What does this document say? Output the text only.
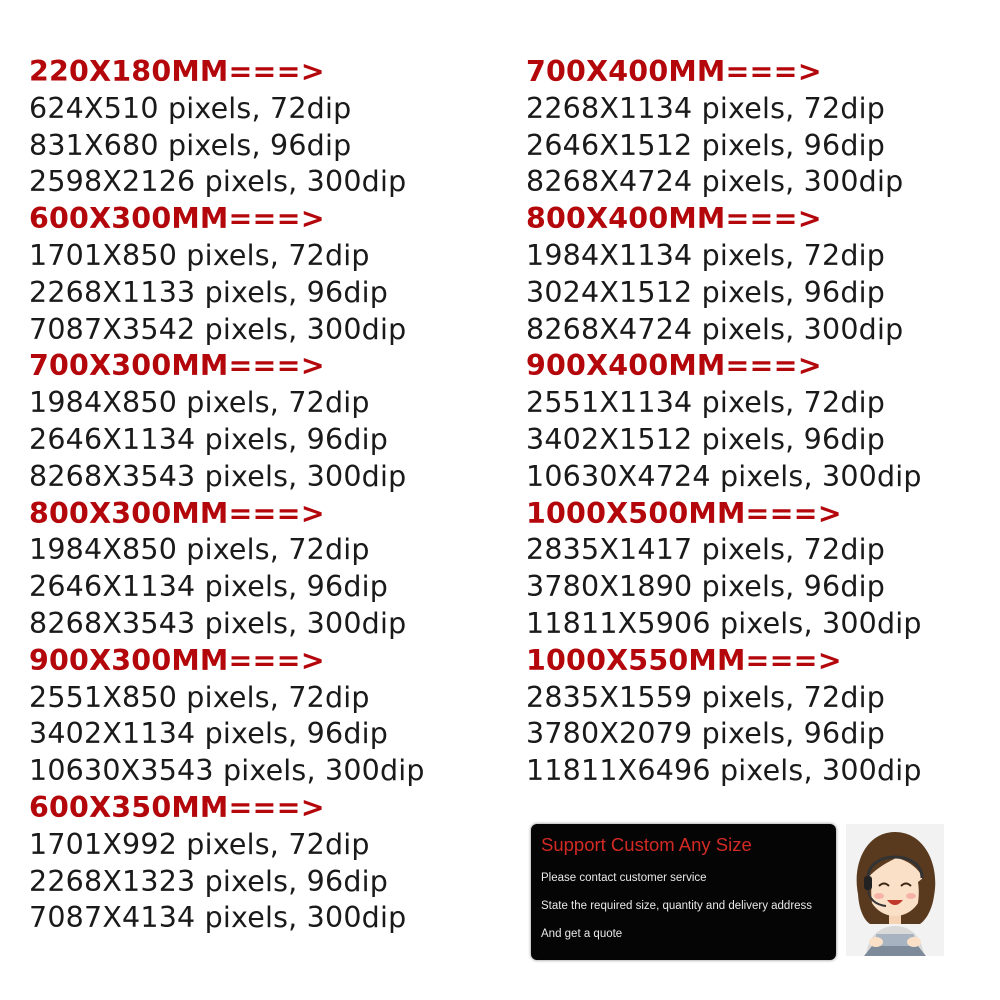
220X180MM===>
624X510 pixels, 72dip
831X680 pixels, 96dip
2598X2126 pixels, 300dip
600X300MM===>
1701X850 pixels, 72dip
2268X1133 pixels, 96dip
7087X3542 pixels, 300dip
700X300MM===>
1984X850 pixels, 72dip
2646X1134 pixels, 96dip
8268X3543 pixels, 300dip
800X300MM===>
1984X850 pixels, 72dip
2646X1134 pixels, 96dip
8268X3543 pixels, 300dip
900X300MM===>
2551X850 pixels, 72dip
3402X1134 pixels, 96dip
10630X3543 pixels, 300dip
600X350MM===>
1701X992 pixels, 72dip
2268X1323 pixels, 96dip
7087X4134 pixels, 300dip
700X400MM===>
2268X1134 pixels, 72dip
2646X1512 pixels, 96dip
8268X4724 pixels, 300dip
800X400MM===>
1984X1134 pixels, 72dip
3024X1512 pixels, 96dip
8268X4724 pixels, 300dip
900X400MM===>
2551X1134 pixels, 72dip
3402X1512 pixels, 96dip
10630X4724 pixels, 300dip
1000X500MM===>
2835X1417 pixels, 72dip
3780X1890 pixels, 96dip
11811X5906 pixels, 300dip
1000X550MM===>
2835X1559 pixels, 72dip
3780X2079 pixels, 96dip
11811X6496 pixels, 300dip
Support Custom Any Size
Please contact customer service
State the required size, quantity and delivery address
And get a quote
